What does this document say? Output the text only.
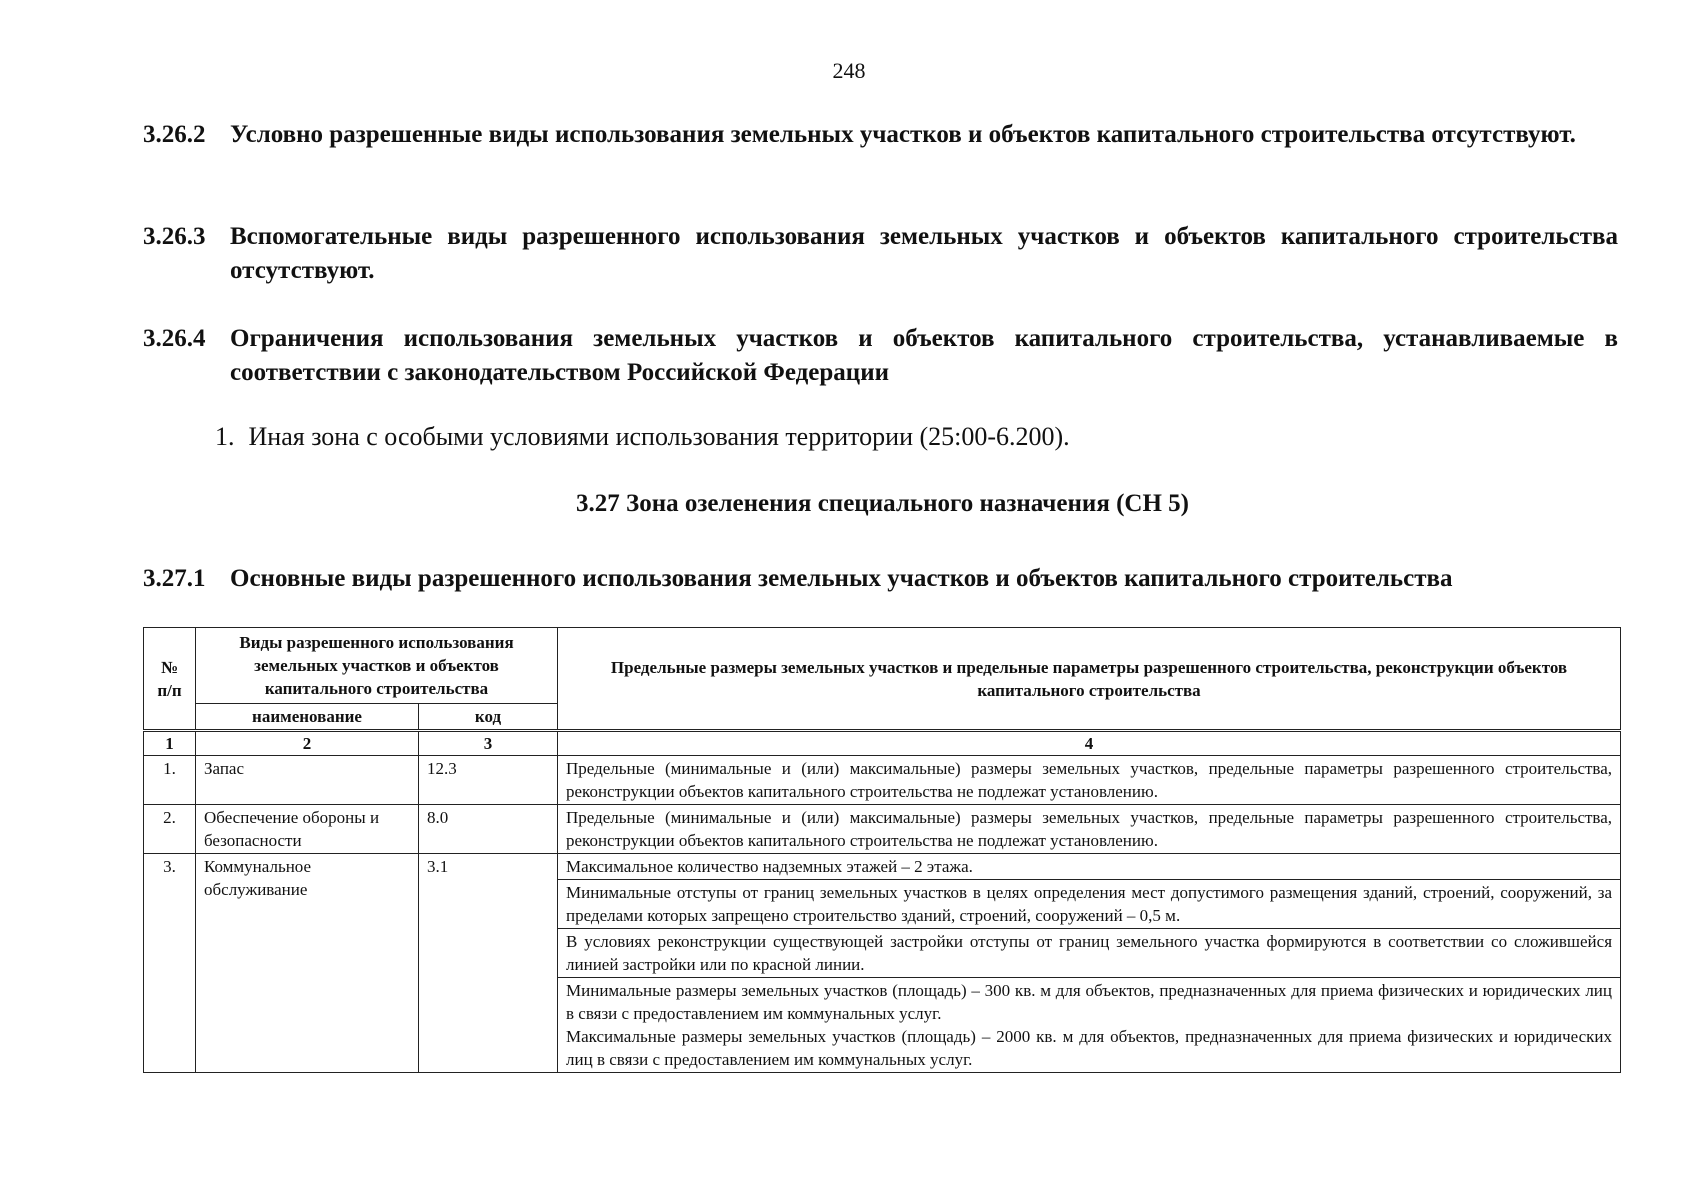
248
3.26.2 Условно разрешенные виды использования земельных участков и объектов капитального строительства отсутствуют.
3.26.3 Вспомогательные виды разрешенного использования земельных участков и объектов капитального строительства отсутствуют.
3.26.4 Ограничения использования земельных участков и объектов капитального строительства, устанавливаемые в соответствии с законодательством Российской Федерации
1. Иная зона с особыми условиями использования территории (25:00-6.200).
3.27 Зона озеленения специального назначения (СН 5)
3.27.1 Основные виды разрешенного использования земельных участков и объектов капитального строительства
№ п/п	Виды разрешенного использования земельных участков и объектов капитального строительства		Предельные размеры земельных участков и предельные параметры разрешенного строительства, реконструкции объектов капитального строительства
	наименование	код	
1	2	3	4
1.	Запас	12.3	Предельные (минимальные и (или) максимальные) размеры земельных участков, предельные параметры разрешенного строительства, реконструкции объектов капитального строительства не подлежат установлению.
2.	Обеспечение обороны и безопасности	8.0	Предельные (минимальные и (или) максимальные) размеры земельных участков, предельные параметры разрешенного строительства, реконструкции объектов капитального строительства не подлежат установлению.
3.	Коммунальное обслуживание	3.1	Максимальное количество надземных этажей – 2 этажа.
			Минимальные отступы от границ земельных участков в целях определения мест допустимого размещения зданий, строений, сооружений, за пределами которых запрещено строительство зданий, строений, сооружений – 0,5 м.
			В условиях реконструкции существующей застройки отступы от границ земельного участка формируются в соответствии со сложившейся линией застройки или по красной линии.

			Минимальные размеры земельных участков (площадь) – 300 кв. м для объектов, предназначенных для приема физических и юридических лиц в связи с предоставлением им коммунальных услуг.
Максимальные размеры земельных участков (площадь) – 2000 кв. м для объектов, предназначенных для приема физических и юридических лиц в связи с предоставлением им коммунальных услуг.
